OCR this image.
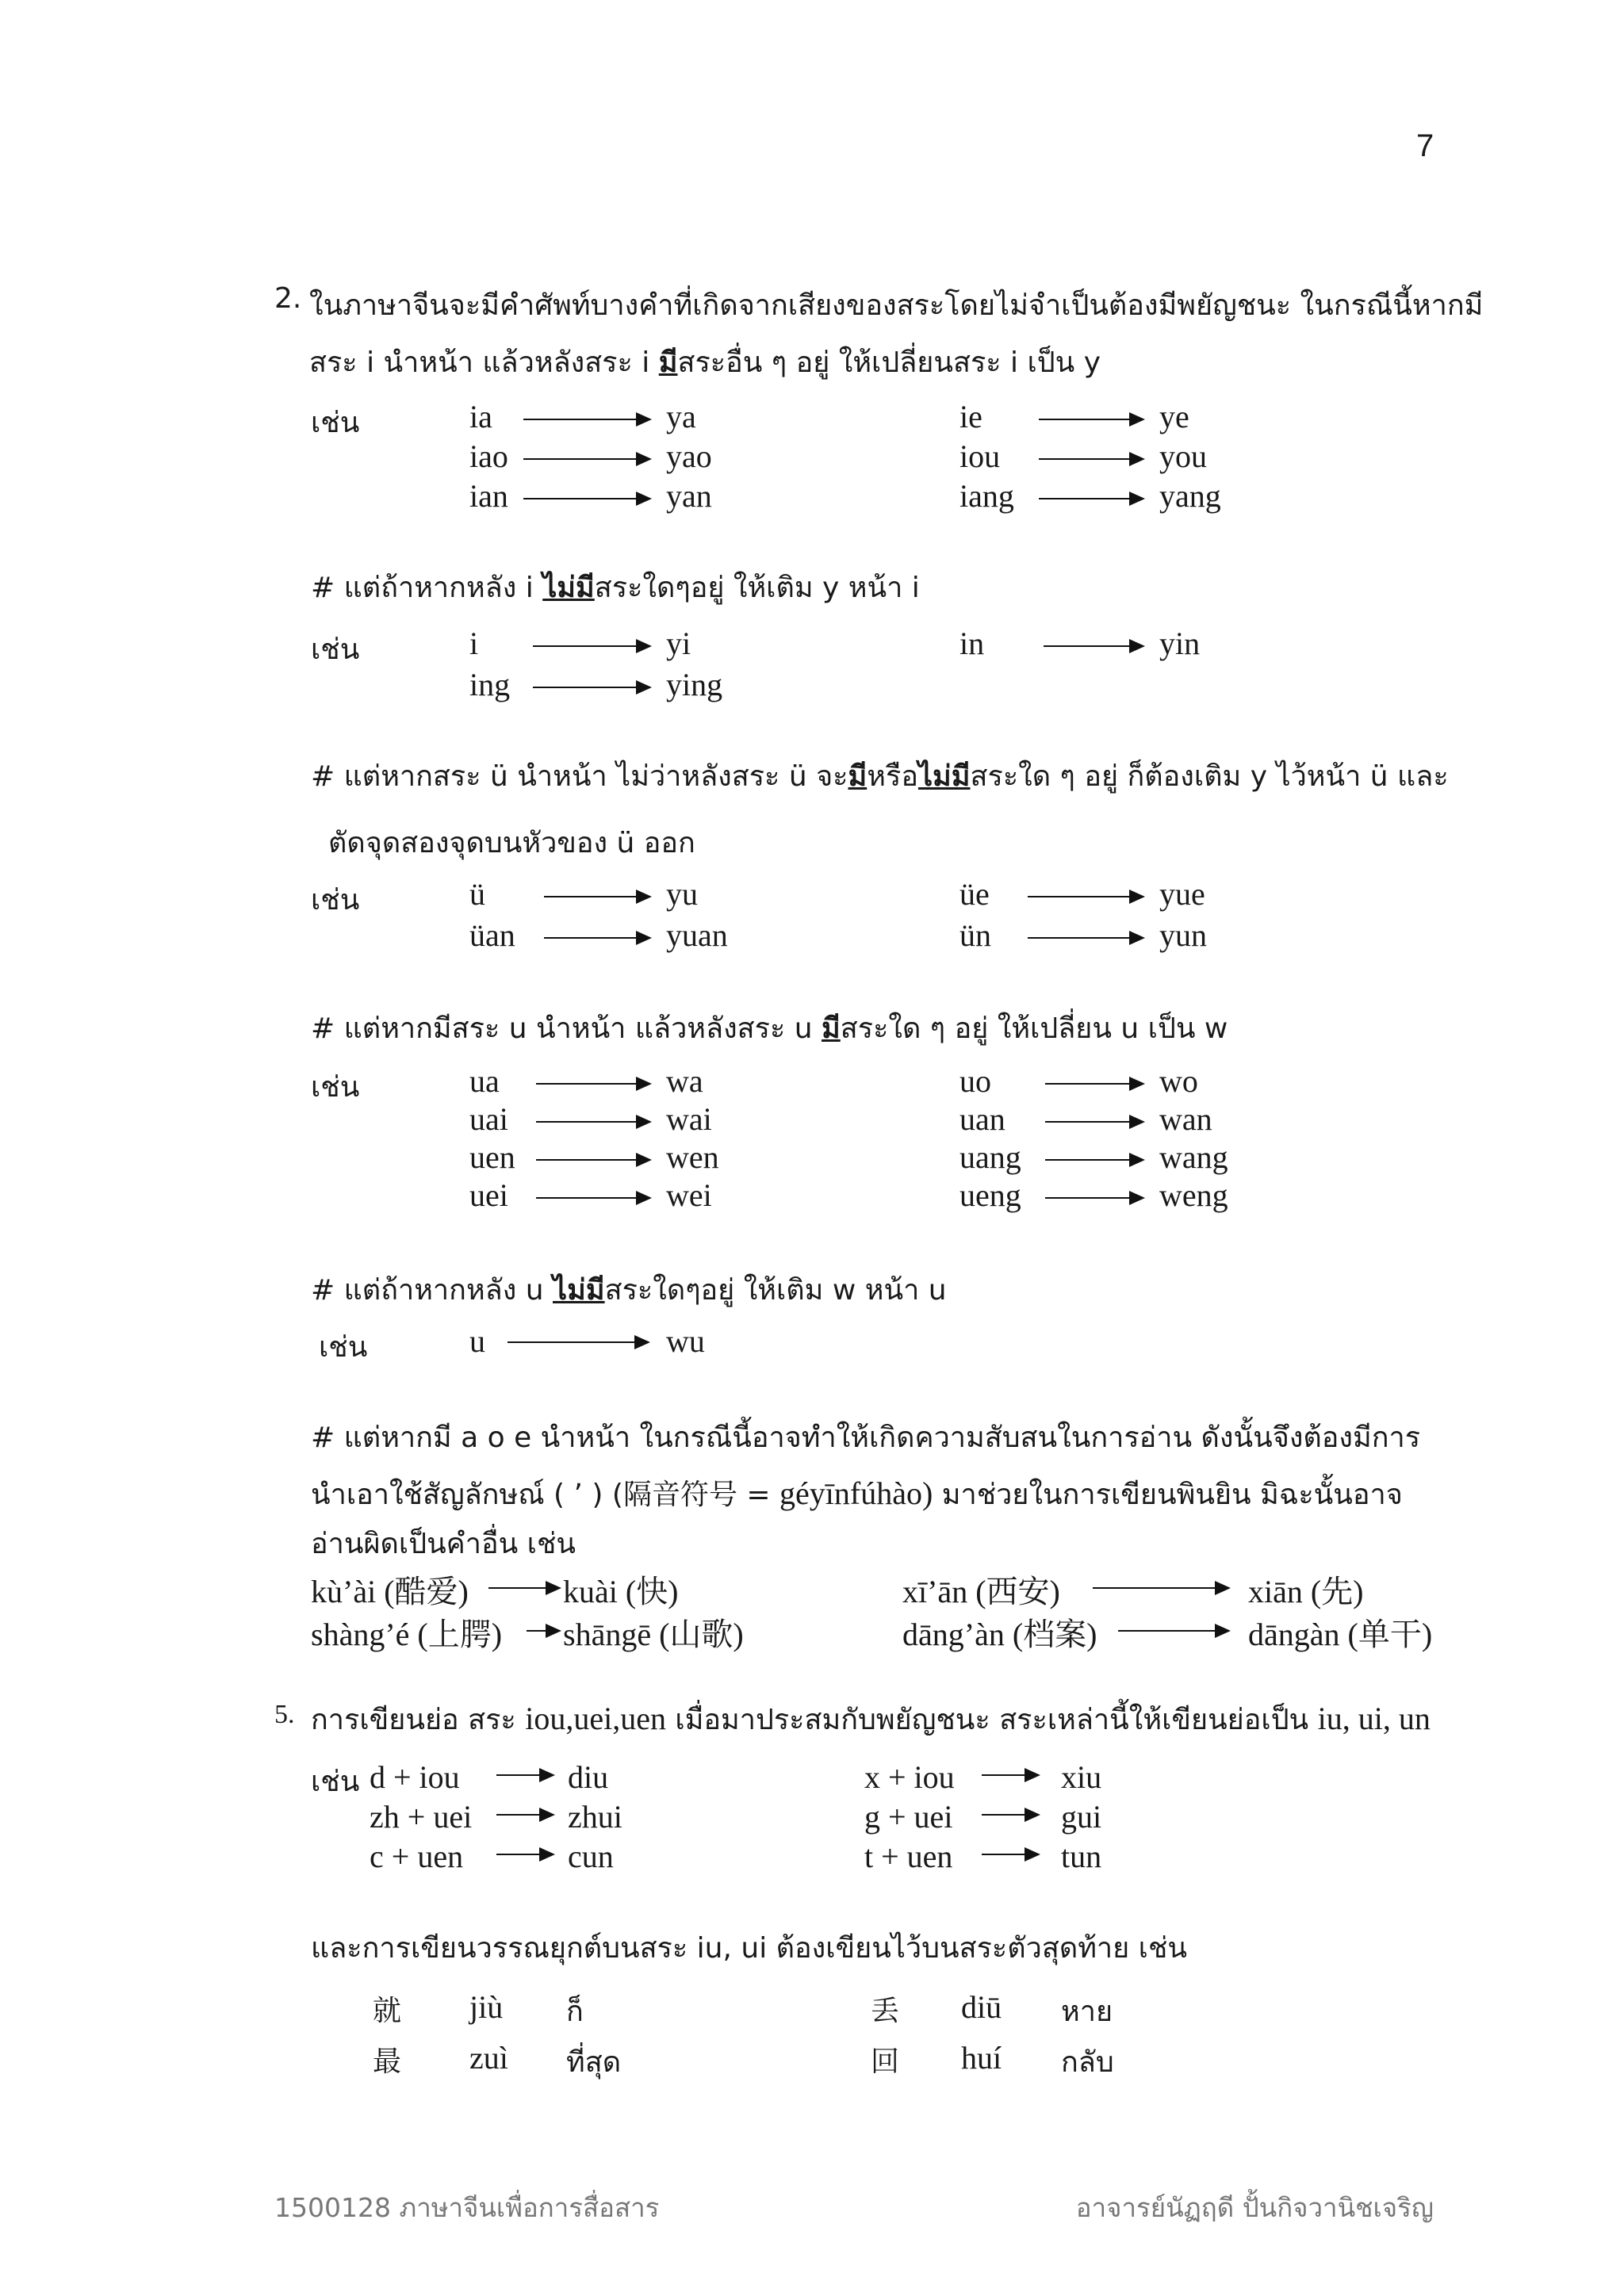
7
2. ในภาษาจีนจะมีคำศัพท์บางคำที่เกิดจากเสียงของสระโดยไม่จำเป็นต้องมีพยัญชนะ ในกรณีนี้หากมี
สระ i นำหน้า แล้วหลังสระ i มีสระอื่น ๆ อยู่ ให้เปลี่ยนสระ i เป็น y
เช่น	ia	ya	ie	ye
iao	yao	iou	you
ian	yan	iang	yang
# แต่ถ้าหากหลัง i ไม่มีสระใดๆอยู่ ให้เติม y หน้า i
เช่น	i	yi	in	yin
ing	ying
# แต่หากสระ ü นำหน้า ไม่ว่าหลังสระ ü จะมีหรือไม่มีสระใด ๆ อยู่ ก็ต้องเติม y ไว้หน้า ü และ
ตัดจุดสองจุดบนหัวของ ü ออก
เช่น	ü	yu	üe	yue
üan	yuan	ün	yun
# แต่หากมีสระ u นำหน้า แล้วหลังสระ u มีสระใด ๆ อยู่ ให้เปลี่ยน u เป็น w
เช่น	ua	wa	uo	wo
uai	wai	uan	wan
uen	wen	uang	wang
uei	wei	ueng	weng
# แต่ถ้าหากหลัง u ไม่มีสระใดๆอยู่ ให้เติม w หน้า u
เช่น	u	wu
# แต่หากมี a o e นำหน้า ในกรณีนี้อาจทำให้เกิดความสับสนในการอ่าน ดังนั้นจึงต้องมีการ
นำเอาใช้สัญลักษณ์ ( ’ ) (隔音符号 = géyīnfúhào) มาช่วยในการเขียนพินยิน มิฉะนั้นอาจ
อ่านผิดเป็นคำอื่น เช่น
kù’ài (酷爱)	kuài (快)	xī’ān (西安)	xiān (先)
shàng’é (上腭) shāngē (山歌)	dāng’àn (档案)	dāngàn (单干)
5. การเขียนย่อ สระ iou,uei,uen เมื่อมาประสมกับพยัญชนะ สระเหล่านี้ให้เขียนย่อเป็น iu, ui, un
เช่น d + iou	diu	x + iou	xiu
zh + uei	zhui	g + uei	gui
c + uen	cun	t + uen	tun
และการเขียนวรรณยุกต์บนสระ iu, ui ต้องเขียนไว้บนสระตัวสุดท้าย เช่น
就 jiù ก็	丢 diū หาย
最 zuì ที่สุด	回 huí กลับ
1500128 ภาษาจีนเพื่อการสื่อสาร	อาจารย์นัฏฤดี ปั้นกิจวานิชเจริญ
